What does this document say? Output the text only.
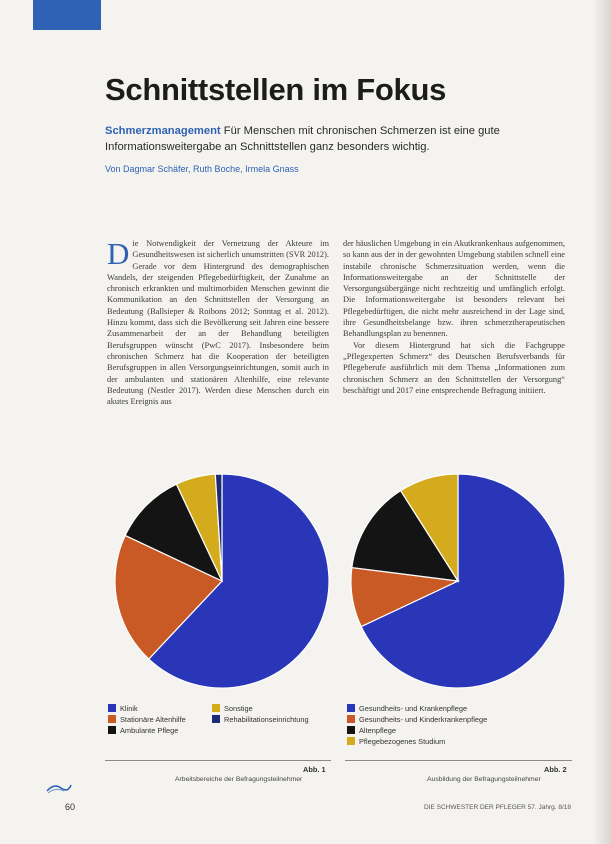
Schnittstellen im Fokus

Schmerzmanagement Für Menschen mit chronischen Schmerzen ist eine gute Informationsweitergabe an Schnittstellen ganz besonders wichtig.

Von Dagmar Schäfer, Ruth Boche, Irmela Gnass

Die Notwendigkeit der Vernetzung der Akteure im Gesundheitswesen ist sicherlich unumstritten (SVR 2012). Gerade vor dem Hintergrund des demographischen Wandels, der steigenden Pflegebedürftigkeit, der Zunahme an chronisch erkrankten und multimorbiden Menschen gewinnt die Kommunikation an den Schnittstellen der Versorgung an Bedeutung (Ballsieper & Roibons 2012; Sonntag et al. 2012). Hinzu kommt, dass sich die Bevölkerung seit Jahren eine bessere Zusammenarbeit der an der Behandlung beteiligten Berufsgruppen wünscht (PwC 2017). Insbesondere beim chronischen Schmerz hat die Kooperation der beteiligten Berufsgruppen in allen Versorgungseinrichtungen, somit auch in der ambulanten und stationären Altenhilfe, eine relevante Bedeutung (Nestler 2017). Werden diese Menschen durch ein akutes Ereignis aus

der häuslichen Umgebung in ein Akutkrankenhaus aufgenommen, so kann aus der in der gewohnten Umgebung stabilen schnell eine instabile chronische Schmerzsituation werden, wenn die Informationsweitergabe an der Schnittstelle der Versorgungsübergänge nicht rechtzeitig und umfänglich erfolgt. Die Informationsweitergabe ist besonders relevant bei Pflegebedürftigen, die nicht mehr ausreichend in der Lage sind, ihre Gesundheitsbelange bzw. ihren schmerztherapeutischen Behandlungsplan zu benennen.

Vor diesem Hintergrund hat sich die Fachgruppe „Pflegexperten Schmerz“ des Deutschen Berufsverbands für Pflegeberufe ausführlich mit dem Thema „Informationen zum chronischen Schmerz an den Schnittstellen der Versorgung“ beschäftigt und 2017 eine entsprechende Befragung initiiert.

Klinik
Stationäre Altenhilfe
Ambulante Pflege
Sonstige
Rehabilitationseinrichtung
Gesundheits- und Krankenpflege
Gesundheits- und Kinderkrankenpflege
Altenpflege
Pflegebezogenes Studium
Abb. 1
Arbeitsbereiche der Befragungsteilnehmer
Abb. 2
Ausbildung der Befragungsteilnehmer
60	DIE SCHWESTER DER PFLEGER 57. Jahrg. 8/18
